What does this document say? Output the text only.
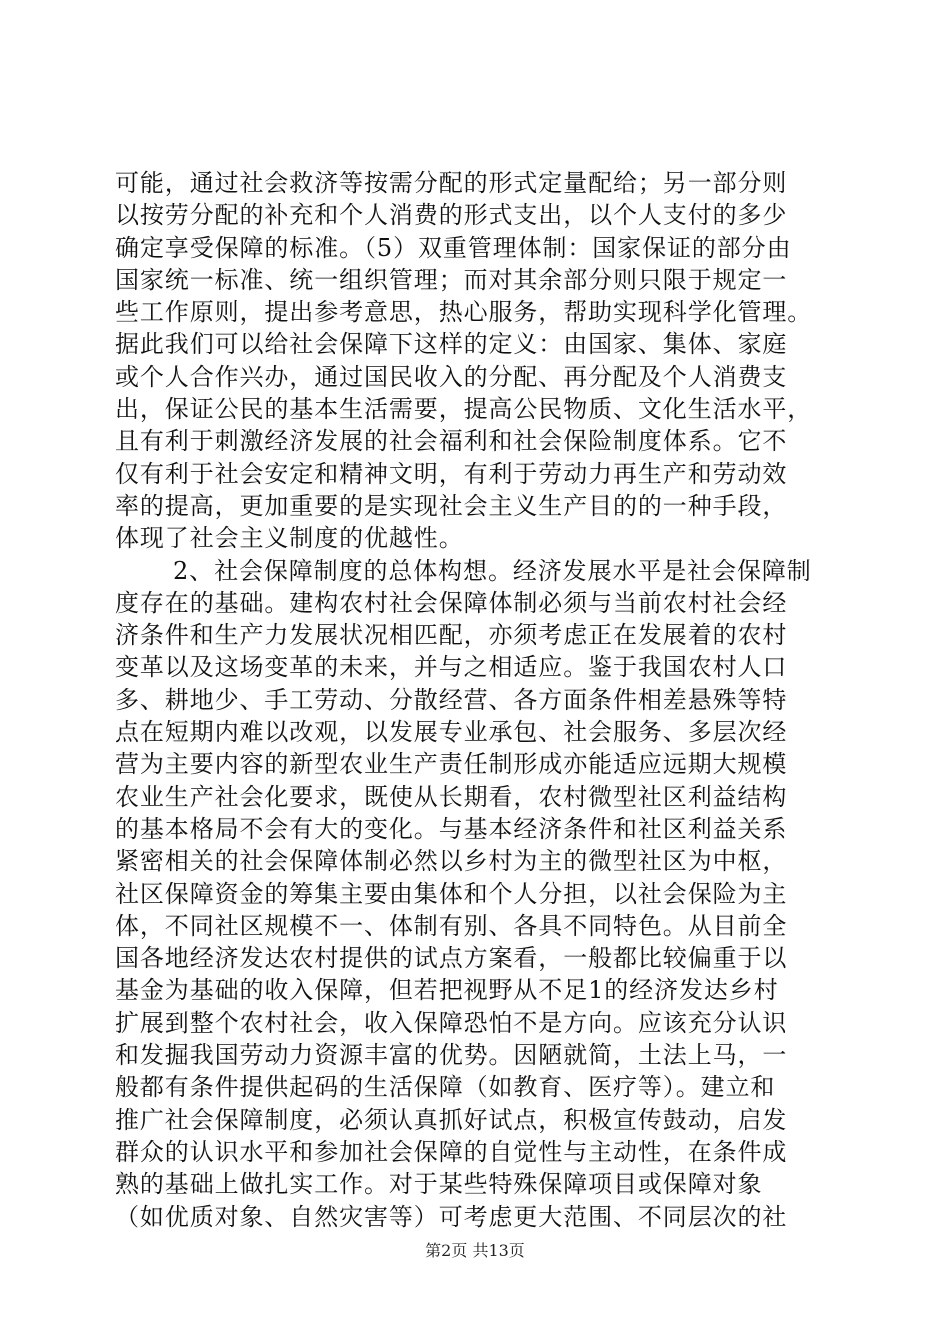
可能，通过社会救济等按需分配的形式定量配给；另一部分则
以按劳分配的补充和个人消费的形式支出，以个人支付的多少
确定享受保障的标准。（5）双重管理体制：国家保证的部分由
国家统一标准、统一组织管理；而对其余部分则只限于规定一
些工作原则，提出参考意思，热心服务，帮助实现科学化管理。
据此我们可以给社会保障下这样的定义：由国家、集体、家庭
或个人合作兴办，通过国民收入的分配、再分配及个人消费支
出，保证公民的基本生活需要，提高公民物质、文化生活水平，
且有利于刺激经济发展的社会福利和社会保险制度体系。它不
仅有利于社会安定和精神文明，有利于劳动力再生产和劳动效
率的提高，更加重要的是实现社会主义生产目的的一种手段，
体现了社会主义制度的优越性。
2、社会保障制度的总体构想。经济发展水平是社会保障制
度存在的基础。建构农村社会保障体制必须与当前农村社会经
济条件和生产力发展状况相匹配，亦须考虑正在发展着的农村
变革以及这场变革的未来，并与之相适应。鉴于我国农村人口
多、耕地少、手工劳动、分散经营、各方面条件相差悬殊等特
点在短期内难以改观，以发展专业承包、社会服务、多层次经
营为主要内容的新型农业生产责任制形成亦能适应远期大规模
农业生产社会化要求，既使从长期看，农村微型社区利益结构
的基本格局不会有大的变化。与基本经济条件和社区利益关系
紧密相关的社会保障体制必然以乡村为主的微型社区为中枢，
社区保障资金的筹集主要由集体和个人分担，以社会保险为主
体，不同社区规模不一、体制有别、各具不同特色。从目前全
国各地经济发达农村提供的试点方案看，一般都比较偏重于以
基金为基础的收入保障，但若把视野从不足1的经济发达乡村
扩展到整个农村社会，收入保障恐怕不是方向。应该充分认识
和发掘我国劳动力资源丰富的优势。因陋就简，土法上马，一
般都有条件提供起码的生活保障（如教育、医疗等）。建立和
推广社会保障制度，必须认真抓好试点，积极宣传鼓动，启发
群众的认识水平和参加社会保障的自觉性与主动性，在条件成
熟的基础上做扎实工作。对于某些特殊保障项目或保障对象
（如优质对象、自然灾害等）可考虑更大范围、不同层次的社
第2页 共13页
